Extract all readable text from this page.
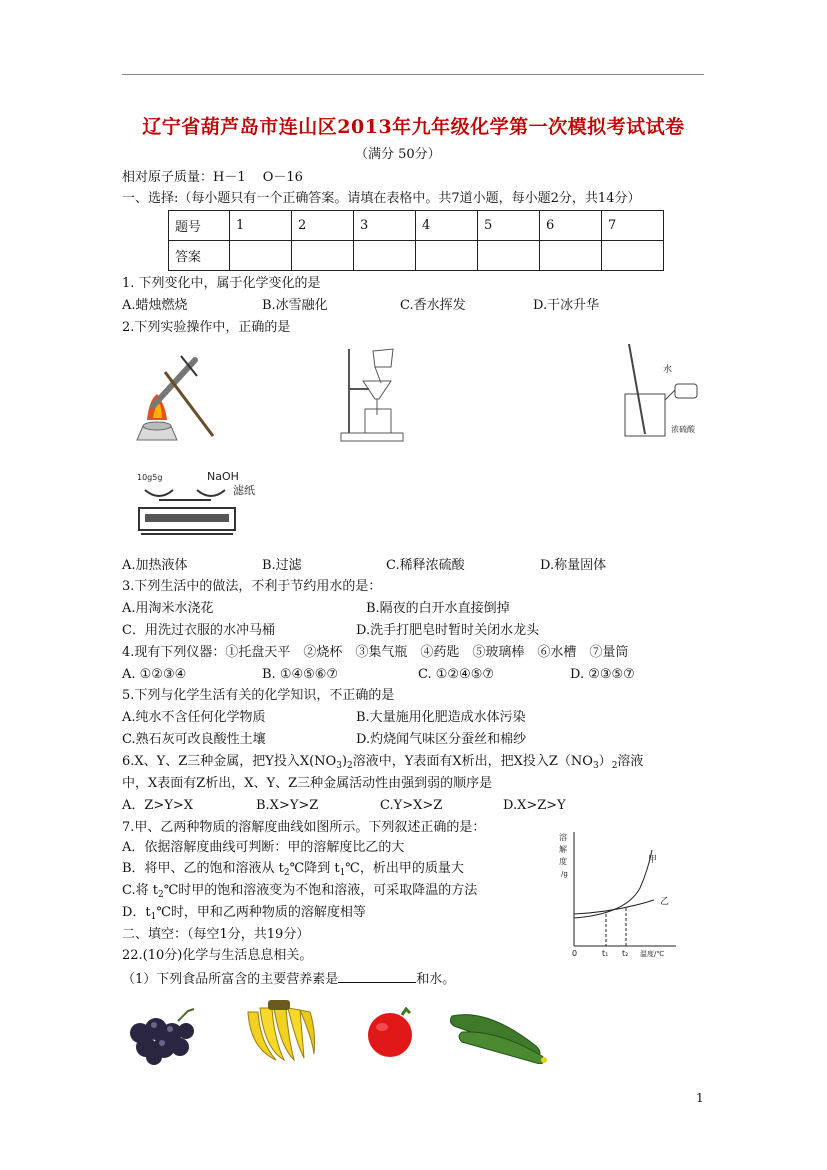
辽宁省葫芦岛市连山区2013年九年级化学第一次模拟考试试卷
（满分 50分）
相对原子质量：H－1　 O－16
一、选择:（每小题只有一个正确答案。请填在表格中。共7道小题，每小题2分，共14分）
题号	1	2	3	4	5	6	7
答案							
1. 下列变化中，属于化学变化的是
A.蜡烛燃烧	B.冰雪融化	C.香水挥发	D.干冰升华
2.下列实验操作中，正确的是
水
浓硫酸
10g5g	NaOH
滤纸
A.加热液体	B.过滤	C.稀释浓硫酸	D.称量固体
3.下列生活中的做法，不利于节约用水的是：
A.用淘米水浇花	B.隔夜的白开水直接倒掉
C．用洗过衣服的水冲马桶	D.洗手打肥皂时暂时关闭水龙头
4.现有下列仪器：①托盘天平　②烧杯　③集气瓶　④药匙　⑤玻璃棒　⑥水槽　⑦量筒
A. ①②③④	B. ①④⑤⑥⑦	C. ①②④⑤⑦	D. ②③⑤⑦
5.下列与化学生活有关的化学知识，不正确的是
A.纯水不含任何化学物质	B.大量施用化肥造成水体污染
C.熟石灰可改良酸性土壤	D.灼烧闻气味区分蚕丝和棉纱
6.X、Y、Z三种金属，把Y投入$X(NO_3)_2$溶液中，Y表面有X析出，把X投入$Z(NO_3)_2$溶液
中，X表面有Z析出，X、Y、Z三种金属活动性由强到弱的顺序是
A．Z>Y>X	B.X>Y>Z	C.Y>X>Z	D.X>Z>Y
7.甲、乙两种物质的溶解度曲线如图所示。下列叙述正确的是：
A．依据溶解度曲线可判断：甲的溶解度比乙的大
B．将甲、乙的饱和溶液从 $t_2℃$降到 $t_1℃$，析出甲的质量大
C.将 $t_2℃$时甲的饱和溶液变为不饱和溶液，可采取降温的方法
D．$t_1℃$时，甲和乙两种物质的溶解度相等
溶
解
度
/g
甲
乙
0	t₁ t₂ 温度/℃
二、填空：（每空1分，共19分）
22.(10分)化学与生活息息相关。
（1）下列食品所富含的主要营养素是	和水。
1
